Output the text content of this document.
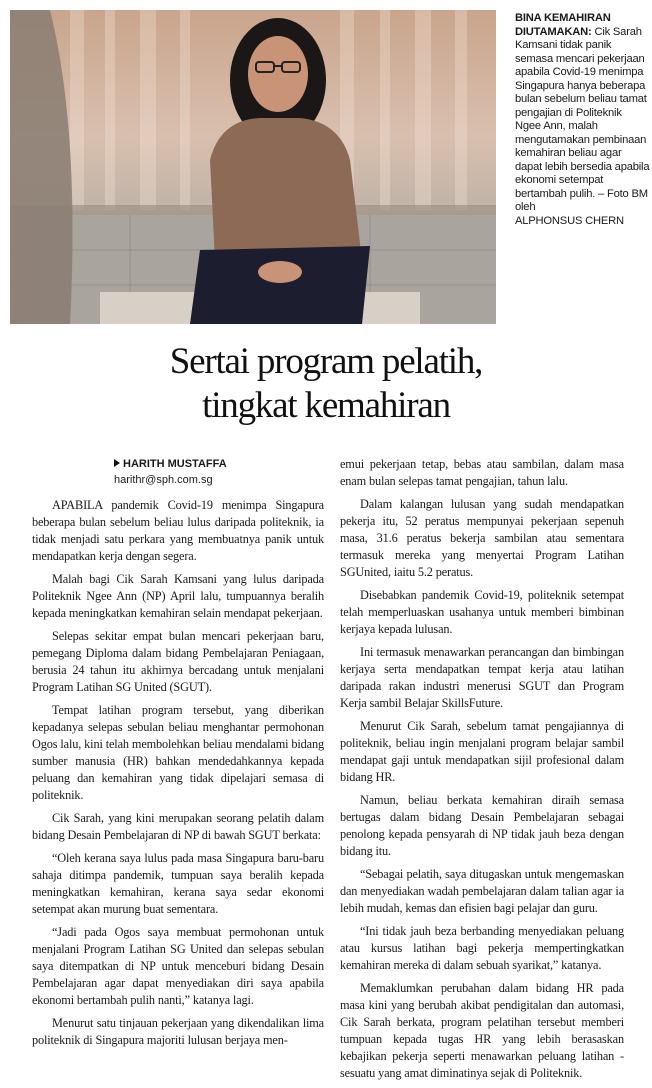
BINA KEMAHIRAN DIUTAMAKAN: Cik Sarah Kamsani tidak panik semasa mencari pekerjaan apabila Covid-19 menimpa Singapura hanya beberapa bulan sebelum beliau tamat pengajian di Politeknik Ngee Ann, malah mengutamakan pembinaan kemahiran beliau agar dapat lebih bersedia apabila ekonomi setempat bertambah pulih. – Foto BM oleh
ALPHONSUS CHERN
Sertai program pelatih,
tingkat kemahiran
HARITH MUSTAFFA
harithr@sph.com.sg

APABILA pandemik Covid-19 menimpa Singapura beberapa bulan sebelum beliau lulus daripada politeknik, ia tidak menjadi satu perkara yang membuatnya panik untuk mendapatkan kerja dengan segera.

Malah bagi Cik Sarah Kamsani yang lulus daripada Politeknik Ngee Ann (NP) April lalu, tumpuannya beralih kepada meningkatkan kemahiran selain mendapat pekerjaan.

Selepas sekitar empat bulan mencari pekerjaan baru, pemegang Diploma dalam bidang Pembelajaran Peniagaan, berusia 24 tahun itu akhirnya bercadang untuk menjalani Program Latihan SG United (SGUT).

Tempat latihan program tersebut, yang diberikan kepadanya selepas sebulan beliau menghantar permohonan Ogos lalu, kini telah membolehkan beliau mendalami bidang sumber manusia (HR) bahkan mendedahkannya kepada peluang dan kemahiran yang tidak dipelajari semasa di politeknik.

Cik Sarah, yang kini merupakan seorang pelatih dalam bidang Desain Pembelajaran di NP di bawah SGUT berkata:

“Oleh kerana saya lulus pada masa Singapura baru-baru sahaja ditimpa pandemik, tumpuan saya beralih kepada meningkatkan kemahiran, kerana saya sedar ekonomi setempat akan murung buat sementara.

“Jadi pada Ogos saya membuat permohonan untuk menjalani Program Latihan SG United dan selepas sebulan saya ditempatkan di NP untuk menceburi bidang Desain Pembelajaran agar dapat menyediakan diri saya apabila ekonomi bertambah pulih nanti,” katanya lagi.

Menurut satu tinjauan pekerjaan yang dikendalikan lima politeknik di Singapura majoriti lulusan berjaya men-

emui pekerjaan tetap, bebas atau sambilan, dalam masa enam bulan selepas tamat pengajian, tahun lalu.

Dalam kalangan lulusan yang sudah mendapatkan pekerja itu, 52 peratus mempunyai pekerjaan sepenuh masa, 31.6 peratus bekerja sambilan atau sementara termasuk mereka yang menyertai Program Latihan SGUnited, iaitu 5.2 peratus.

Disebabkan pandemik Covid-19, politeknik setempat telah memperluaskan usahanya untuk memberi bimbinan kerjaya kepada lulusan.

Ini termasuk menawarkan perancangan dan bimbingan kerjaya serta mendapatkan tempat kerja atau latihan daripada rakan industri menerusi SGUT dan Program Kerja sambil Belajar SkillsFuture.

Menurut Cik Sarah, sebelum tamat pengajiannya di politeknik, beliau ingin menjalani program belajar sambil mendapat gaji untuk mendapatkan sijil profesional dalam bidang HR.

Namun, beliau berkata kemahiran diraih semasa bertugas dalam bidang Desain Pembelajaran sebagai penolong kepada pensyarah di NP tidak jauh beza dengan bidang itu.

“Sebagai pelatih, saya ditugaskan untuk mengemaskan dan menyediakan wadah pembelajaran dalam talian agar ia lebih mudah, kemas dan efisien bagi pelajar dan guru.

“Ini tidak jauh beza berbanding menyediakan peluang atau kursus latihan bagi pekerja mempertingkatkan kemahiran mereka di dalam sebuah syarikat,” katanya.

Memaklumkan perubahan dalam bidang HR pada masa kini yang berubah akibat pendigitalan dan automasi, Cik Sarah berkata, program pelatihan tersebut memberi tumpuan kepada tugas HR yang lebih berasaskan kebajikan pekerja seperti menawarkan peluang latihan - sesuatu yang amat diminatinya sejak di Politeknik.
